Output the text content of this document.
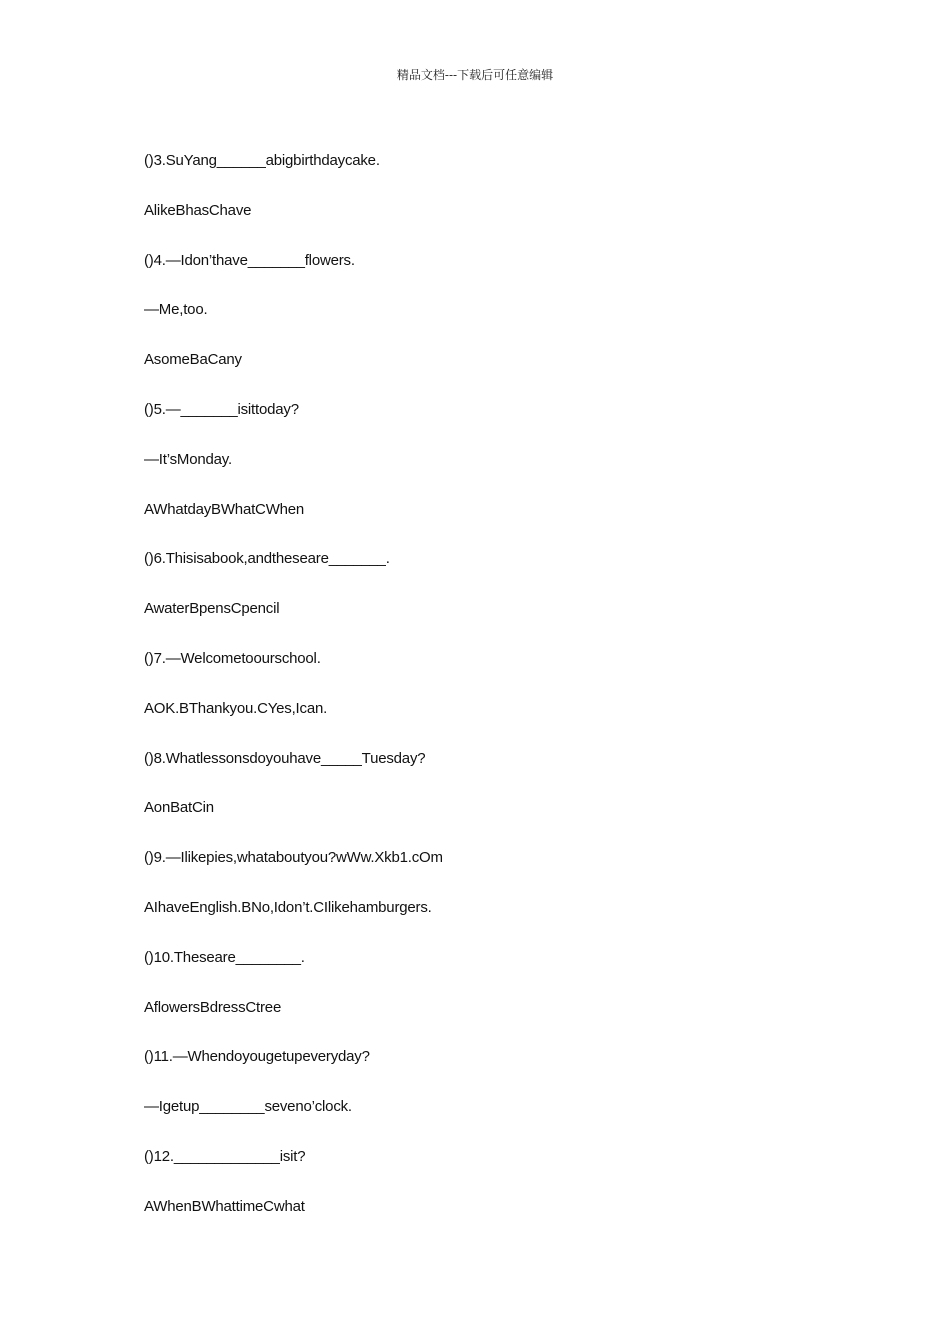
精品文档---下载后可任意编辑
()3.SuYang______abigbirthdaycake.
AlikeBhasChave
()4.—Idon’thave_______flowers.
—Me,too.
AsomeBaCany
()5.—_______isittoday?
—It’sMonday.
AWhatdayBWhatCWhen
()6.Thisisabook,andtheseare_______.
AwaterBpensCpencil
()7.—Welcometoourschool.
AOK.BThankyou.CYes,Ican.
()8.Whatlessonsdoyouhave_____Tuesday?
AonBatCin
()9.—Ilikepies,whataboutyou?wWw.Xkb1.cOm
AIhaveEnglish.BNo,Idon’t.CIlikehamburgers.
()10.Theseare________.
AflowersBdressCtree
()11.—Whendoyougetupeveryday?
—Igetup________seveno’clock.
()12._____________isit?
AWhenBWhattimeCwhat
